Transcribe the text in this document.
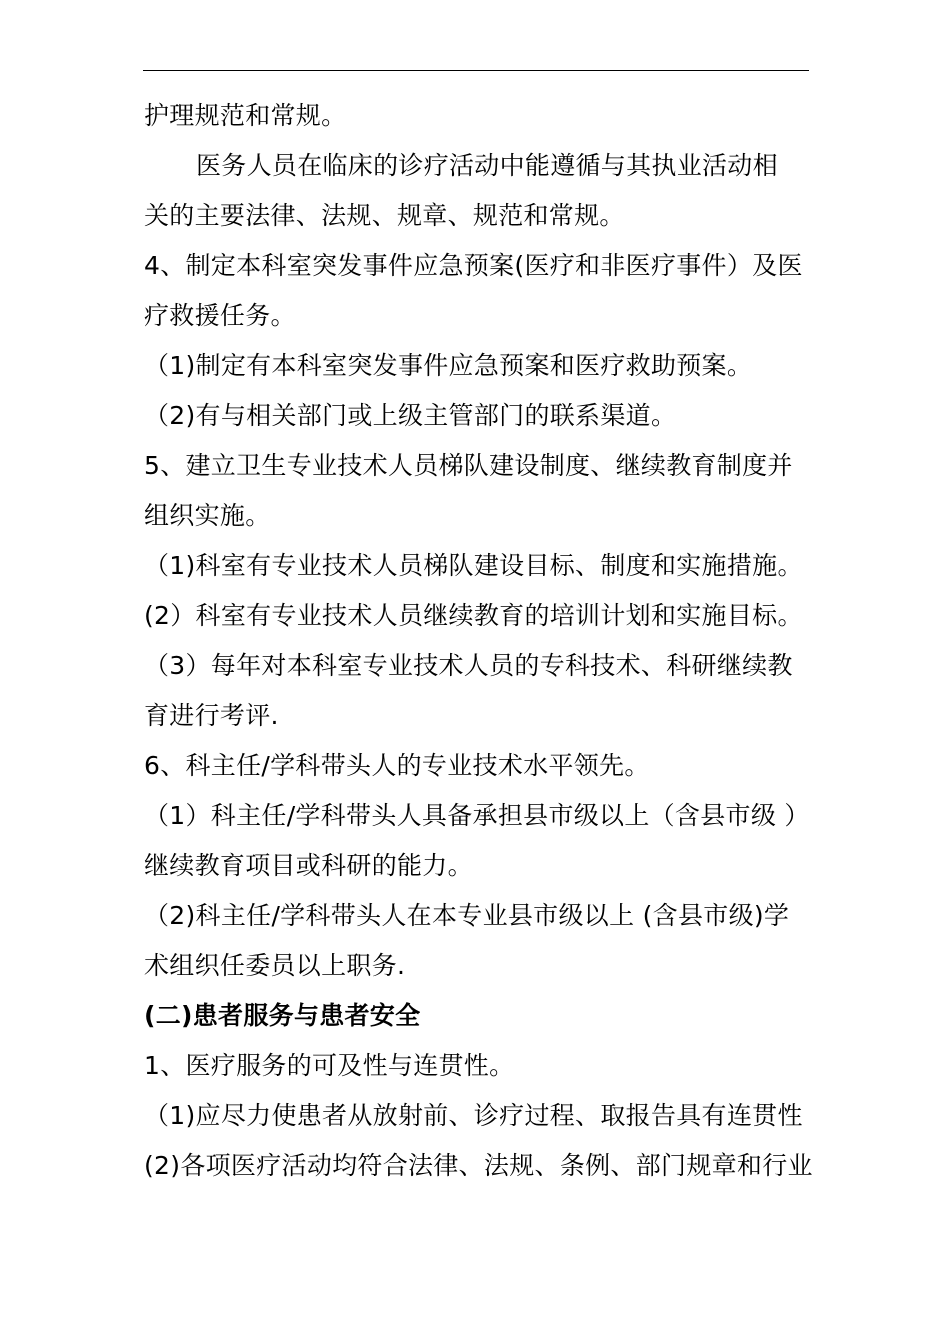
护理规范和常规。
医务人员在临床的诊疗活动中能遵循与其执业活动相
关的主要法律、法规、规章、规范和常规。
4、制定本科室突发事件应急预案(医疗和非医疗事件）及医
疗救援任务。
（1)制定有本科室突发事件应急预案和医疗救助预案。
（2)有与相关部门或上级主管部门的联系渠道。
5、建立卫生专业技术人员梯队建设制度、继续教育制度并
组织实施。
（1)科室有专业技术人员梯队建设目标、制度和实施措施。
(2）科室有专业技术人员继续教育的培训计划和实施目标。
（3）每年对本科室专业技术人员的专科技术、科研继续教
育进行考评.
6、科主任/学科带头人的专业技术水平领先。
（1）科主任/学科带头人具备承担县市级以上（含县市级 ）
继续教育项目或科研的能力。
（2)科主任/学科带头人在本专业县市级以上 (含县市级)学
术组织任委员以上职务.
(二)患者服务与患者安全
1、医疗服务的可及性与连贯性。
（1)应尽力使患者从放射前、诊疗过程、取报告具有连贯性
(2)各项医疗活动均符合法律、法规、条例、部门规章和行业
